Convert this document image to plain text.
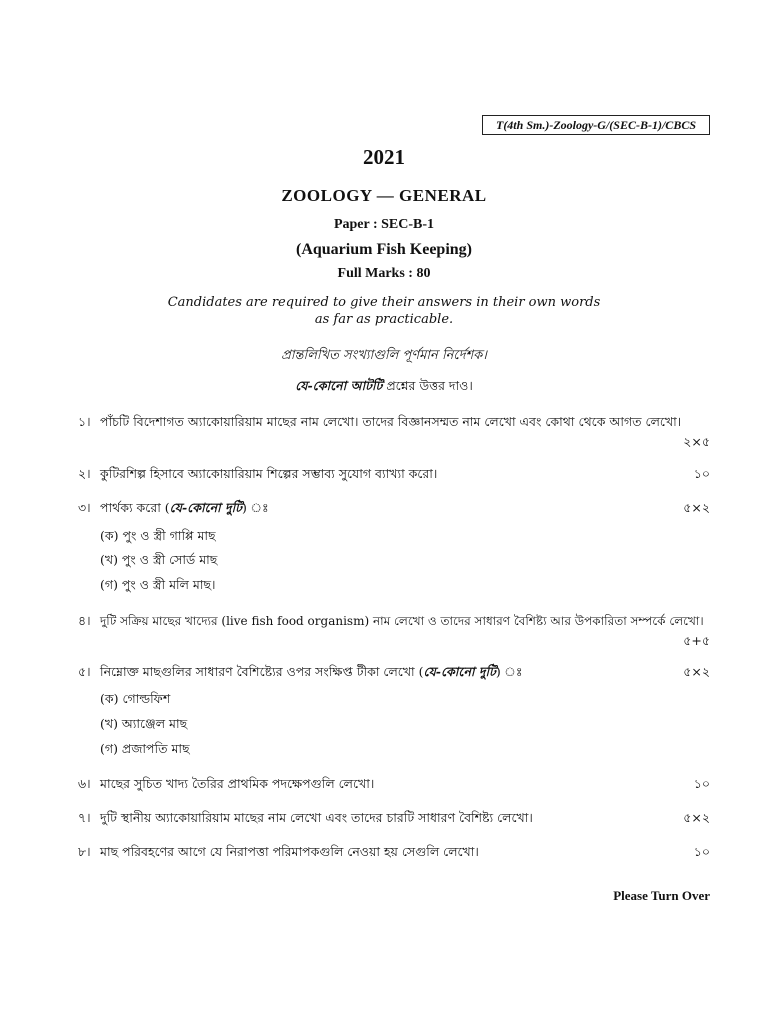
T(4th Sm.)-Zoology-G/(SEC-B-1)/CBCS
2021
ZOOLOGY — GENERAL
Paper : SEC-B-1
(Aquarium Fish Keeping)
Full Marks : 80
Candidates are required to give their answers in their own words
as far as practicable.
প্রান্তলিখিত সংখ্যাগুলি পূর্ণমান নির্দেশক।
যে-কোনো আটটি প্রশ্নের উত্তর দাও।
১। পাঁচটি বিদেশাগত অ্যাকোয়ারিয়াম মাছের নাম লেখো। তাদের বিজ্ঞানসম্মত নাম লেখো এবং কোথা থেকে আগত লেখো।
২×৫
২। কুটিরশিল্প হিসাবে অ্যাকোয়ারিয়াম শিল্পের সম্ভাব্য সুযোগ ব্যাখ্যা করো।	১০
৩। পার্থক্য করো (যে-কোনো দুটি) ঃ	৫×২
(ক) পুং ও স্ত্রী গাপ্পি মাছ
(খ) পুং ও স্ত্রী সোর্ড মাছ
(গ) পুং ও স্ত্রী মলি মাছ।
৪। দুটি সক্রিয় মাছের খাদ্যের (live fish food organism) নাম লেখো ও তাদের সাধারণ বৈশিষ্ট্য আর উপকারিতা সম্পর্কে লেখো।
৫+৫
৫। নিম্নোক্ত মাছগুলির সাধারণ বৈশিষ্ট্যের ওপর সংক্ষিপ্ত টীকা লেখো (যে-কোনো দুটি) ঃ	৫×২
(ক) গোল্ডফিশ
(খ) অ্যাঞ্জেল মাছ
(গ) প্রজাপতি মাছ
৬। মাছের সুচিত খাদ্য তৈরির প্রাথমিক পদক্ষেপগুলি লেখো।	১০
৭। দুটি স্থানীয় অ্যাকোয়ারিয়াম মাছের নাম লেখো এবং তাদের চারটি সাধারণ বৈশিষ্ট্য লেখো।	৫×২
৮। মাছ পরিবহণের আগে যে নিরাপত্তা পরিমাপকগুলি নেওয়া হয় সেগুলি লেখো।	১০
Please Turn Over
